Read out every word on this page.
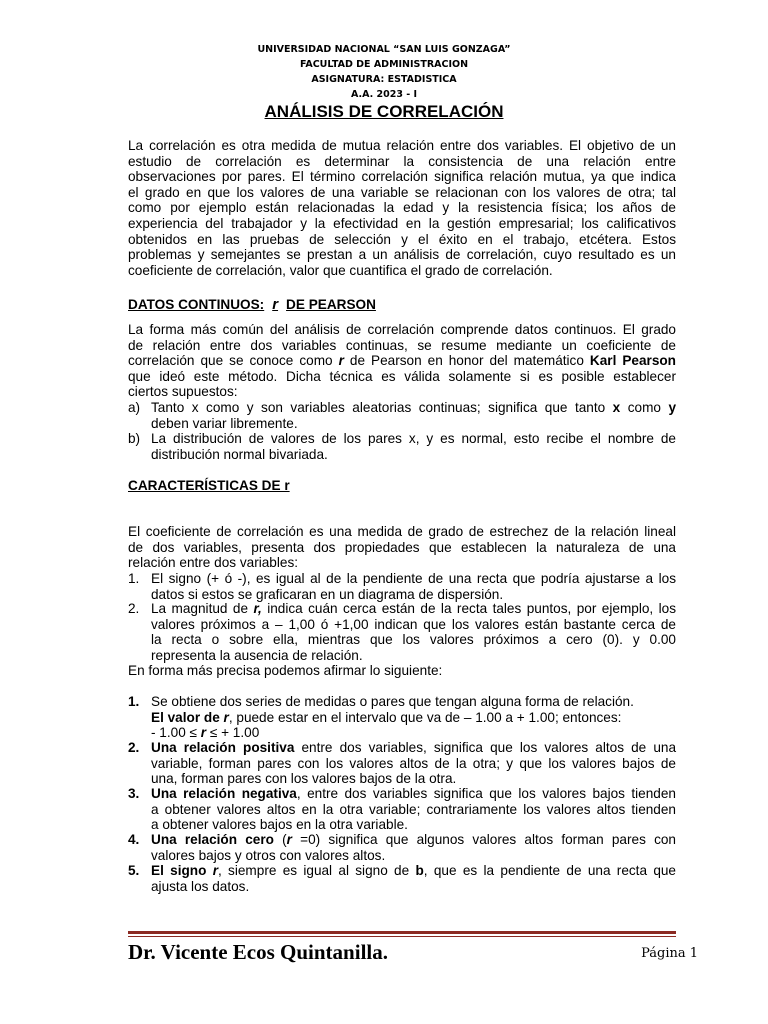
UNIVERSIDAD NACIONAL “SAN LUIS GONZAGA”
FACULTAD DE ADMINISTRACION
ASIGNATURA: ESTADISTICA
A.A. 2023 - I
ANÁLISIS DE CORRELACIÓN
La correlación es otra medida de mutua relación entre dos variables. El objetivo de un
estudio de correlación es determinar la consistencia de una relación entre
observaciones por pares. El término correlación significa relación mutua, ya que indica
el grado en que los valores de una variable se relacionan con los valores de otra; tal
como por ejemplo están relacionadas la edad y la resistencia física; los años de
experiencia del trabajador y la efectividad en la gestión empresarial; los calificativos
obtenidos en las pruebas de selección y el éxito en el trabajo, etcétera. Estos
problemas y semejantes se prestan a un análisis de correlación, cuyo resultado es un
coeficiente de correlación, valor que cuantifica el grado de correlación.
DATOS CONTINUOS: r DE PEARSON
La forma más común del análisis de correlación comprende datos continuos. El grado
de relación entre dos variables continuas, se resume mediante un coeficiente de
correlación que se conoce como r de Pearson en honor del matemático Karl Pearson
que ideó este método. Dicha técnica es válida solamente si es posible establecer
ciertos supuestos:
a) Tanto x como y son variables aleatorias continuas; significa que tanto x como y
deben variar libremente.
b) La distribución de valores de los pares x, y es normal, esto recibe el nombre de
distribución normal bivariada.
CARACTERÍSTICAS DE r
El coeficiente de correlación es una medida de grado de estrechez de la relación lineal
de dos variables, presenta dos propiedades que establecen la naturaleza de una
relación entre dos variables:
1. El signo (+ ó -), es igual al de la pendiente de una recta que podría ajustarse a los
datos si estos se graficaran en un diagrama de dispersión.
2. La magnitud de r, indica cuán cerca están de la recta tales puntos, por ejemplo, los
valores próximos a – 1,00 ó +1,00 indican que los valores están bastante cerca de
la recta o sobre ella, mientras que los valores próximos a cero (0). y 0.00
representa la ausencia de relación.
En forma más precisa podemos afirmar lo siguiente:
1. Se obtiene dos series de medidas o pares que tengan alguna forma de relación.
El valor de r, puede estar en el intervalo que va de – 1.00 a + 1.00; entonces:
- 1.00 ≤ r ≤ + 1.00
2. Una relación positiva entre dos variables, significa que los valores altos de una
variable, forman pares con los valores altos de la otra; y que los valores bajos de
una, forman pares con los valores bajos de la otra.
3. Una relación negativa, entre dos variables significa que los valores bajos tienden
a obtener valores altos en la otra variable; contrariamente los valores altos tienden
a obtener valores bajos en la otra variable.
4. Una relación cero (r =0) significa que algunos valores altos forman pares con
valores bajos y otros con valores altos.
5. El signo r, siempre es igual al signo de b, que es la pendiente de una recta que
ajusta los datos.
Dr. Vicente Ecos Quintanilla.	Página 1
